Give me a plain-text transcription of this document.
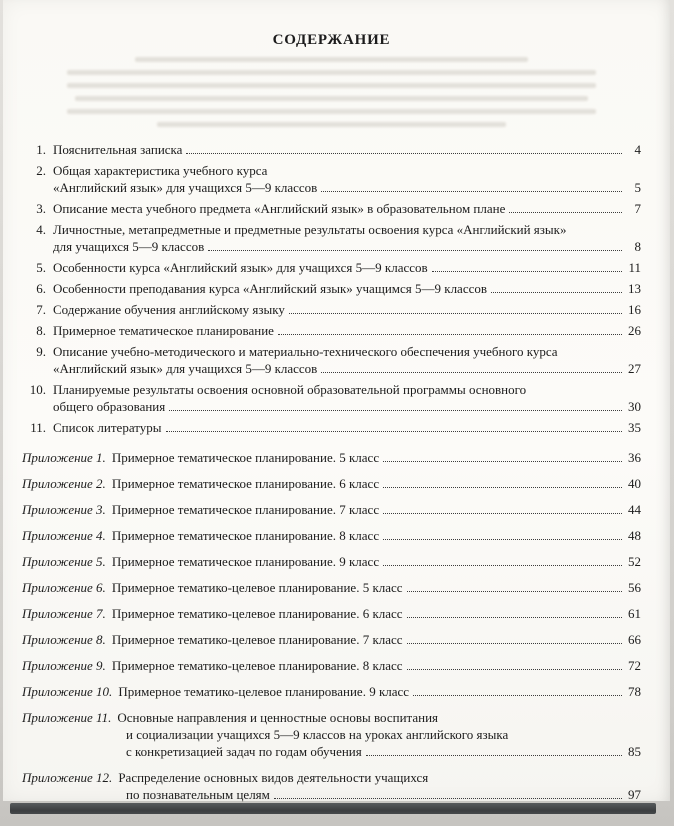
СОДЕРЖАНИЕ
1. Пояснительная записка	4
2. Общая характеристика учебного курса
«Английский язык» для учащихся 5—9 классов	5
3. Описание места учебного предмета «Английский язык» в образовательном плане	7
4. Личностные, метапредметные и предметные результаты освоения курса «Английский язык»
для учащихся 5—9 классов	8
5. Особенности курса «Английский язык» для учащихся 5—9 классов	11
6. Особенности преподавания курса «Английский язык» учащимся 5—9 классов	13
7. Содержание обучения английскому языку	16
8. Примерное тематическое планирование	26
9. Описание учебно-методического и материально-технического обеспечения учебного курса
«Английский язык» для учащихся 5—9 классов	27
10. Планируемые результаты освоения основной образовательной программы основного
общего образования	30
11. Список литературы	35
Приложение 1. Примерное тематическое планирование. 5 класс	36
Приложение 2. Примерное тематическое планирование. 6 класс	40
Приложение 3. Примерное тематическое планирование. 7 класс	44
Приложение 4. Примерное тематическое планирование. 8 класс	48
Приложение 5. Примерное тематическое планирование. 9 класс	52
Приложение 6. Примерное тематико-целевое планирование. 5 класс	56
Приложение 7. Примерное тематико-целевое планирование. 6 класс	61
Приложение 8. Примерное тематико-целевое планирование. 7 класс	66
Приложение 9. Примерное тематико-целевое планирование. 8 класс	72
Приложение 10. Примерное тематико-целевое планирование. 9 класс	78
Приложение 11. Основные направления и ценностные основы воспитания
и социализации учащихся 5—9 классов на уроках английского языка
с конкретизацией задач по годам обучения	85
Приложение 12. Распределение основных видов деятельности учащихся
по познавательным целям	97
